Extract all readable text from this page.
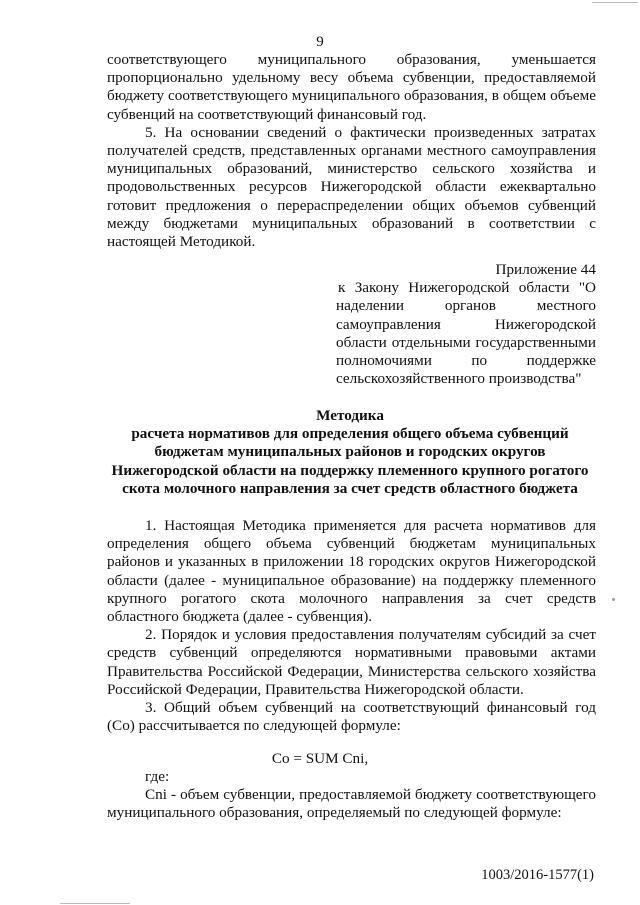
9

соответствующего муниципального образования, уменьшается пропорционально удельному весу объема субвенции, предоставляемой бюджету соответствующего муниципального образования, в общем объеме субвенций на соответствующий финансовый год.

5. На основании сведений о фактически произведенных затратах получателей средств, представленных органами местного самоуправления муниципальных образований, министерство сельского хозяйства и продовольственных ресурсов Нижегородской области ежеквартально готовит предложения о перераспределении общих объемов субвенций между бюджетами муниципальных образований в соответствии с настоящей Методикой.

Приложение 44

к Закону Нижегородской области "О наделении органов местного самоуправления Нижегородской области отдельными государственными полномочиями по поддержке сельскохозяйственного производства"

Методика
расчета нормативов для определения общего объема субвенций
бюджетам муниципальных районов и городских округов
Нижегородской области на поддержку племенного крупного рогатого
скота молочного направления за счет средств областного бюджета

1. Настоящая Методика применяется для расчета нормативов для определения общего объема субвенций бюджетам муниципальных районов и указанных в приложении 18 городских округов Нижегородской области (далее - муниципальное образование) на поддержку племенного крупного рогатого скота молочного направления за счет средств областного бюджета (далее - субвенция).

2. Порядок и условия предоставления получателям субсидий за счет средств субвенций определяются нормативными правовыми актами Правительства Российской Федерации, Министерства сельского хозяйства Российской Федерации, Правительства Нижегородской области.

3. Общий объем субвенций на соответствующий финансовый год (Со) рассчитывается по следующей формуле:

Со = SUM Сni,
где:

Сni - объем субвенции, предоставляемой бюджету соответствующего муниципального образования, определяемый по следующей формуле:

1003/2016-1577(1)
